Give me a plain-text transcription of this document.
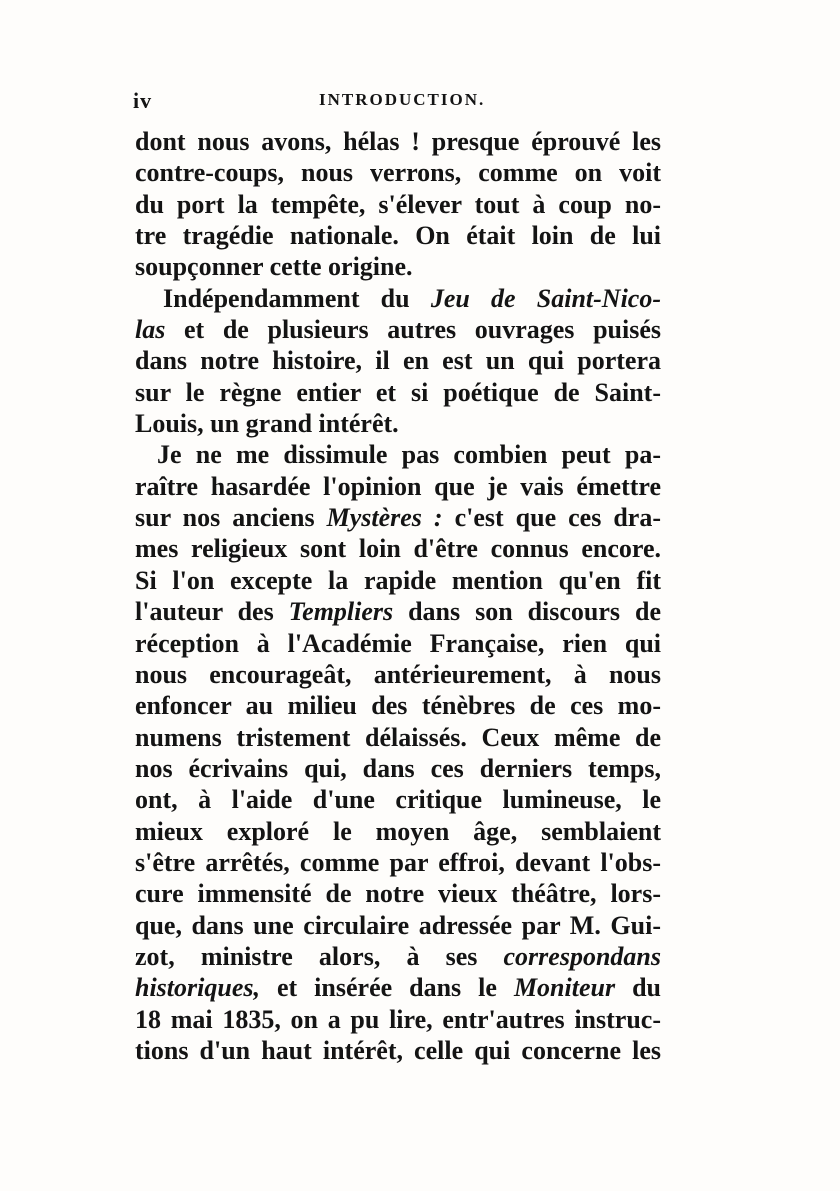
iv	INTRODUCTION.
dont nous avons, hélas ! presque éprouvé les
contre-coups, nous verrons, comme on voit
du port la tempête, s'élever tout à coup no-
tre tragédie nationale. On était loin de lui
soupçonner cette origine.
Indépendamment du Jeu de Saint-Nico-
las et de plusieurs autres ouvrages puisés
dans notre histoire, il en est un qui portera
sur le règne entier et si poétique de Saint-
Louis, un grand intérêt.
Je ne me dissimule pas combien peut pa-
raître hasardée l'opinion que je vais émettre
sur nos anciens Mystères : c'est que ces dra-
mes religieux sont loin d'être connus encore.
Si l'on excepte la rapide mention qu'en fit
l'auteur des Templiers dans son discours de
réception à l'Académie Française, rien qui
nous encourageât, antérieurement, à nous
enfoncer au milieu des ténèbres de ces mo-
numens tristement délaissés. Ceux même de
nos écrivains qui, dans ces derniers temps,
ont, à l'aide d'une critique lumineuse, le
mieux exploré le moyen âge, semblaient
s'être arrêtés, comme par effroi, devant l'obs-
cure immensité de notre vieux théâtre, lors-
que, dans une circulaire adressée par M. Gui-
zot, ministre alors, à ses correspondans
historiques, et insérée dans le Moniteur du
18 mai 1835, on a pu lire, entr'autres instruc-
tions d'un haut intérêt, celle qui concerne les
